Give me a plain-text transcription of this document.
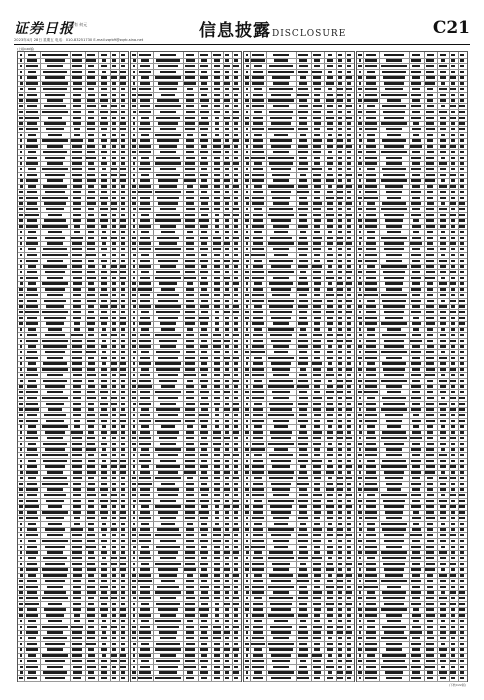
证券日报
秦有 何元
2023年4月 28日 星期五 电话：010-83251730 E-mail:zqrb9@zqrb.sina.net	信息披露 DISCLOSURE	C21
(上接C20版)
(下转C22版)
